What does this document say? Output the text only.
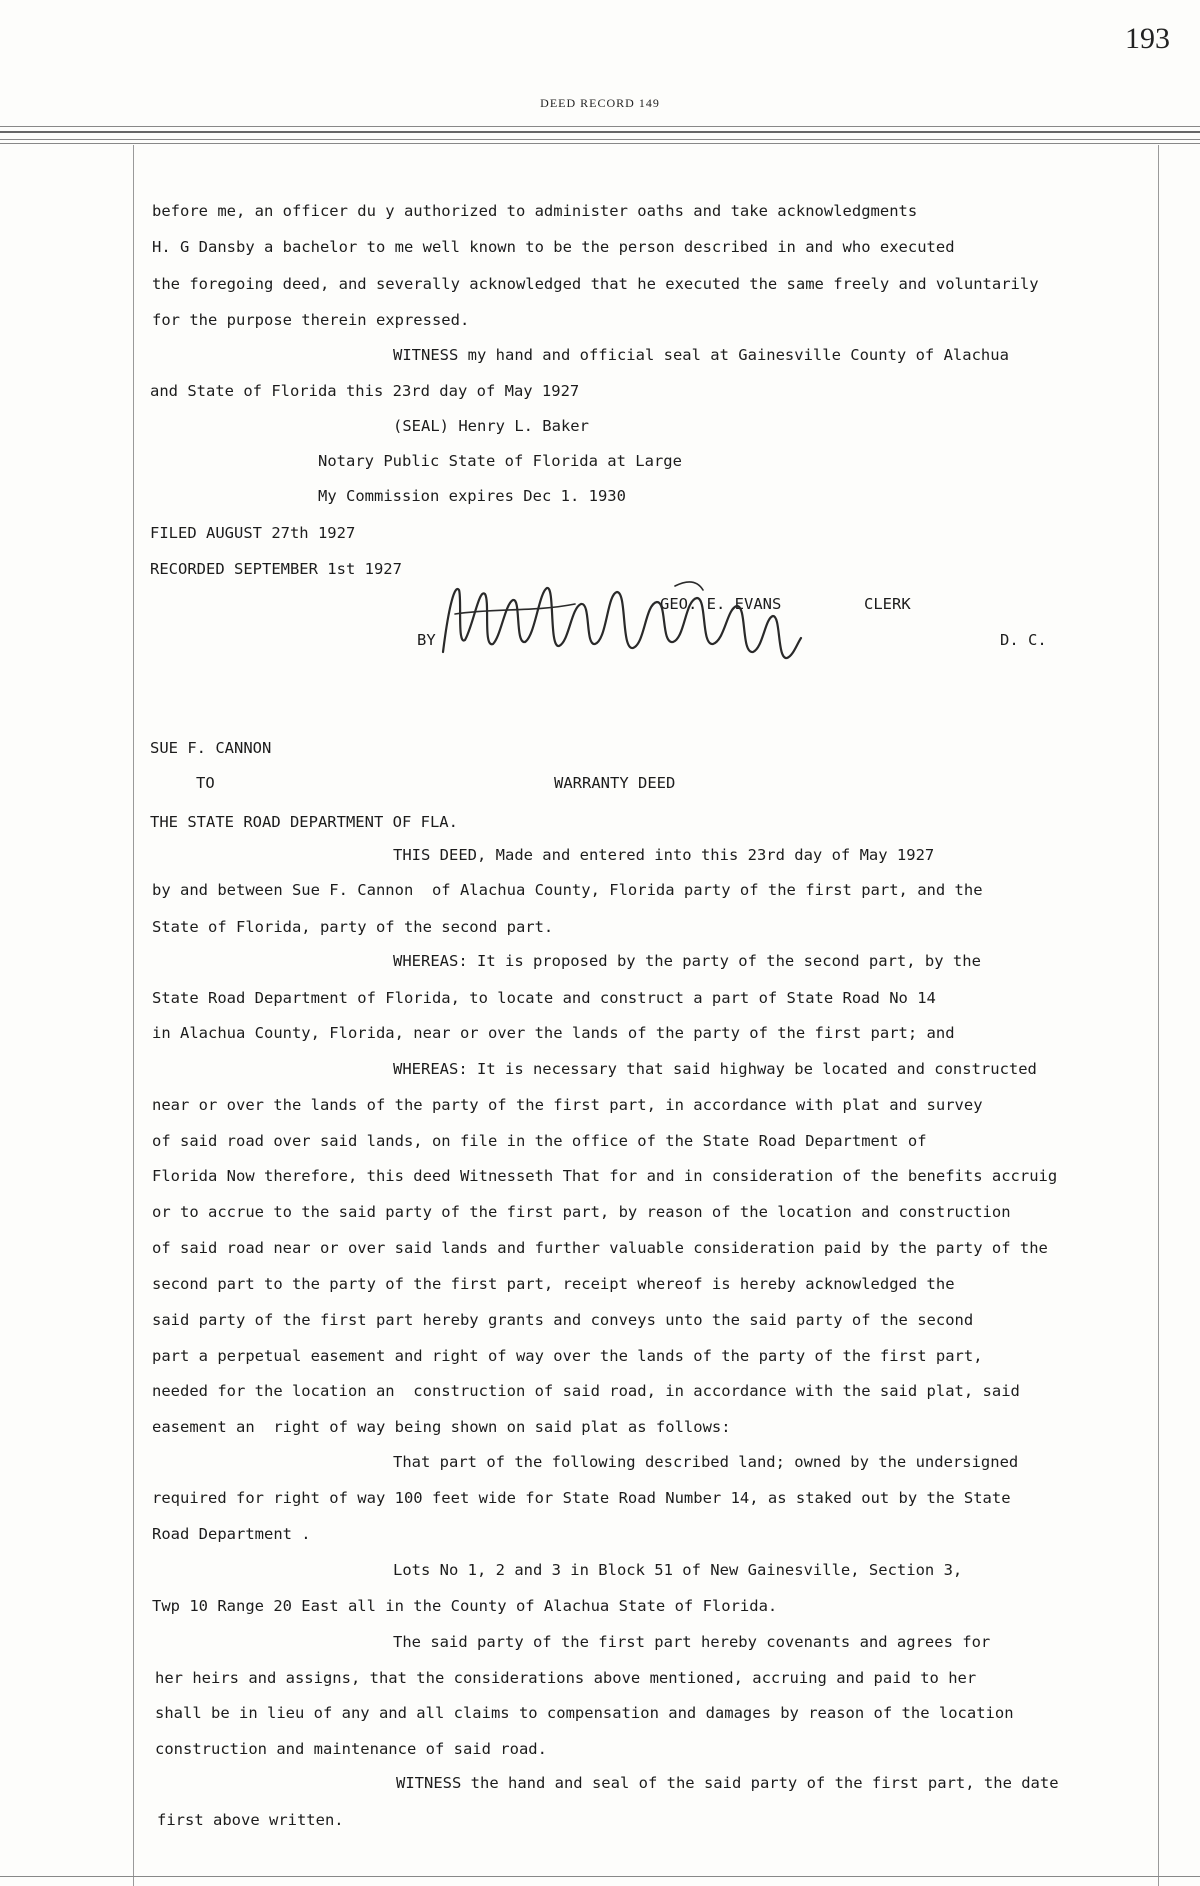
193
DEED RECORD 149
before me, an officer du y authorized to administer oaths and take acknowledgments
H. G Dansby a bachelor to me well known to be the person described in and who executed
the foregoing deed, and severally acknowledged that he executed the same freely and voluntarily
for the purpose therein expressed.
WITNESS my hand and official seal at Gainesville County of Alachua
and State of Florida this 23rd day of May 1927
(SEAL) Henry L. Baker
Notary Public State of Florida at Large
My Commission expires Dec 1. 1930
FILED AUGUST 27th 1927
RECORDED SEPTEMBER 1st 1927
GEO. E. EVANS	CLERK
BY	D. C.
SUE F. CANNON
TO	WARRANTY DEED
THE STATE ROAD DEPARTMENT OF FLA.
THIS DEED, Made and entered into this 23rd day of May 1927
by and between Sue F. Cannon  of Alachua County, Florida party of the first part, and the
State of Florida, party of the second part.
WHEREAS: It is proposed by the party of the second part, by the
State Road Department of Florida, to locate and construct a part of State Road No 14
in Alachua County, Florida, near or over the lands of the party of the first part; and
WHEREAS: It is necessary that said highway be located and constructed
near or over the lands of the party of the first part, in accordance with plat and survey
of said road over said lands, on file in the office of the State Road Department of
Florida Now therefore, this deed Witnesseth That for and in consideration of the benefits accruig
or to accrue to the said party of the first part, by reason of the location and construction
of said road near or over said lands and further valuable consideration paid by the party of the
second part to the party of the first part, receipt whereof is hereby acknowledged the
said party of the first part hereby grants and conveys unto the said party of the second
part a perpetual easement and right of way over the lands of the party of the first part,
needed for the location an  construction of said road, in accordance with the said plat, said
easement an  right of way being shown on said plat as follows:
That part of the following described land; owned by the undersigned
required for right of way 100 feet wide for State Road Number 14, as staked out by the State
Road Department .
Lots No 1, 2 and 3 in Block 51 of New Gainesville, Section 3,
Twp 10 Range 20 East all in the County of Alachua State of Florida.
The said party of the first part hereby covenants and agrees for
her heirs and assigns, that the considerations above mentioned, accruing and paid to her
shall be in lieu of any and all claims to compensation and damages by reason of the location
construction and maintenance of said road.
WITNESS the hand and seal of the said party of the first part, the date
first above written.
